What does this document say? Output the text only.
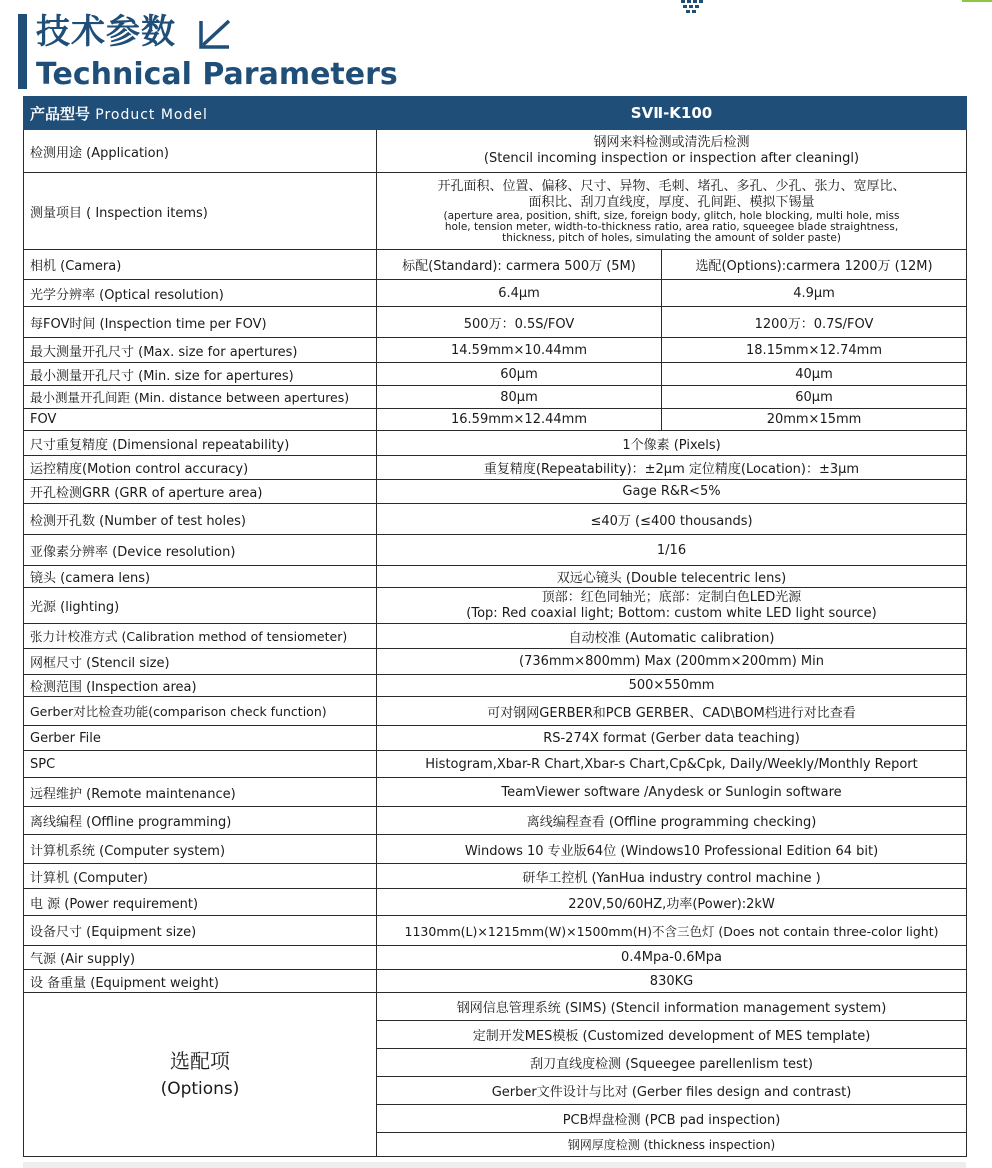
技术参数
Technical Parameters
产品型号 Product Model	SVⅡ-K100	
检测用途 (Application)	钢网来料检测或清洗后检测
(Stencil incoming inspection or inspection after cleaningl)	

测量项目 ( Inspection items)	开孔面积、位置、偏移、尺寸、异物、毛刺、堵孔、多孔、少孔、张力、宽厚比、
面积比、刮刀直线度，厚度、孔间距、模拟下锡量
(aperture area, position, shift, size, foreign body, glitch, hole blocking, multi hole, miss
hole, tension meter, width-to-thickness ratio, area ratio, squeegee blade straightness,
thickness, pitch of holes, simulating the amount of solder paste)	

相机 (Camera)	标配(Standard): carmera 500万 (5M)	选配(Options):carmera 1200万 (12M)
光学分辨率 (Optical resolution)	6.4μm	4.9μm
每FOV时间 (Inspection time per FOV)	500万：0.5S/FOV	1200万：0.7S/FOV
最大测量开孔尺寸 (Max. size for apertures)	14.59mm×10.44mm	18.15mm×12.74mm
最小测量开孔尺寸 (Min. size for apertures)	60μm	40μm
最小测量开孔间距 (Min. distance between apertures)	80μm	60μm
FOV	16.59mm×12.44mm	20mm×15mm
尺寸重复精度 (Dimensional repeatability)	1个像素 (Pixels)	
运控精度(Motion control accuracy)	重复精度(Repeatability)：±2μm 定位精度(Location)：±3μm	
开孔检测GRR (GRR of aperture area)	Gage R&R<5%	
检测开孔数 (Number of test holes)	≤40万 (≤400 thousands)	
亚像素分辨率 (Device resolution)	1/16	
镜头 (camera lens)	双远心镜头 (Double telecentric lens)	
光源 (lighting)	顶部：红色同轴光；底部：定制白色LED光源
(Top: Red coaxial light; Bottom: custom white LED light source)	

张力计校准方式 (Calibration method of tensiometer)	自动校准 (Automatic calibration)	
网框尺寸 (Stencil size)	(736mm×800mm) Max (200mm×200mm) Min	
检测范围 (Inspection area)	500×550mm	
Gerber对比检查功能(comparison check function)	可对钢网GERBER和PCB GERBER、CAD\BOM档进行对比查看	
Gerber File	RS-274X format (Gerber data teaching)	
SPC	Histogram,Xbar-R Chart,Xbar-s Chart,Cp&Cpk, Daily/Weekly/Monthly Report	
远程维护 (Remote maintenance)	TeamViewer software /Anydesk or Sunlogin software	
离线编程 (Offline programming)	离线编程查看 (Offline programming checking)	
计算机系统 (Computer system)	Windows 10 专业版64位 (Windows10 Professional Edition 64 bit)	
计算机 (Computer)	研华工控机 (YanHua industry control machine )	
电 源 (Power requirement)	220V,50/60HZ,功率(Power):2kW	
设备尺寸 (Equipment size)	1130mm(L)×1215mm(W)×1500mm(H)不含三色灯 (Does not contain three-color light)	
气源 (Air supply)	0.4Mpa-0.6Mpa	
设 备重量 (Equipment weight)	830KG	

选配项
(Options)	钢网信息管理系统 (SIMS) (Stencil information management system)	
	定制开发MES模板 (Customized development of MES template)	
	刮刀直线度检测 (Squeegee parellenlism test)	
	Gerber文件设计与比对 (Gerber files design and contrast)	
	PCB焊盘检测 (PCB pad inspection)	
	钢网厚度检测 (thickness inspection)	
